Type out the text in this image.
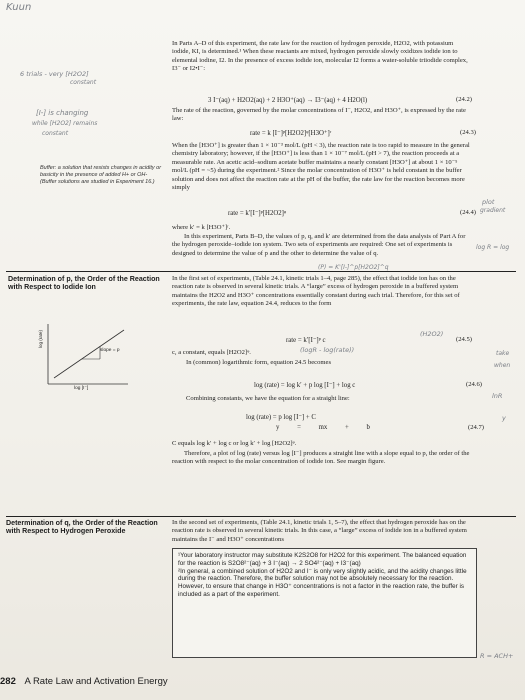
Kuun
In Parts A–D of this experiment, the rate law for the reaction of hydrogen peroxide, H2O2, with potassium iodide, KI, is determined.¹ When these reactants are mixed, hydrogen peroxide slowly oxidizes iodide ion to elemental iodine, I2. In the presence of excess iodide ion, molecular I2 forms a water-soluble triiodide complex, I3⁻ or I2•I⁻:
6 trials - very [H2O2]
constant
[I-] is changing
while [H2O2] remains
constant
3 I⁻(aq) + H2O2(aq) + 2 H3O⁺(aq) → I3⁻(aq) + 4 H2O(l)	(24.2)
The rate of the reaction, governed by the molar concentrations of I⁻, H2O2, and H3O⁺, is expressed by the rate law:
rate = k [I⁻]ᵖ[H2O2]ᵠ[H3O⁺]ʳ	(24.3)
When the [H3O⁺] is greater than 1 × 10⁻³ mol/L (pH < 3), the reaction rate is too rapid to measure in the general chemistry laboratory; however, if the [H3O⁺] is less than 1 × 10⁻⁷ mol/L (pH > 7), the reaction proceeds at a measurable rate. An acetic acid–sodium acetate buffer maintains a nearly constant [H3O⁺] at about 1 × 10⁻⁵ mol/L (pH = ~5) during the experiment.² Since the molar concentration of H3O⁺ is held constant in the buffer solution and does not affect the reaction rate at the pH of the buffer, the rate law for the reaction becomes more simply
Buffer: a solution that resists changes in acidity or basicity in the presence of added H+ or OH- (Buffer solutions are studied in Experiment 16.)
rate = k′[I⁻]ᵖ[H2O2]ᵠ	(24.4)
where k′ = k [H3O⁺]ʳ.
In this experiment, Parts B–D, the values of p, q, and k′ are determined from the data analysis of Part A for the hydrogen peroxide–iodide ion system. Two sets of experiments are required: One set of experiments is designed to determine the value of p and the other to determine the value of q.
plot
gradient
log R = log
(P) = K'[I-]^p[H2O2]^q
Determination of p, the Order of the Reaction with Respect to Iodide Ion
In the first set of experiments, (Table 24.1, kinetic trials 1–4, page 285), the effect that iodide ion has on the reaction rate is observed in several kinetic trials. A “large” excess of hydrogen peroxide in a buffered system maintains the H2O2 and H3O⁺ concentrations essentially constant during each trial. Therefore, for this set of experiments, the rate law, equation 24.4, reduces to the form
(H2O2)
rate = k′[I⁻]ᵖ c	(24.5)
(logR - log(rate))
c, a constant, equals [H2O2]ᵠ.
In (common) logarithmic form, equation 24.5 becomes
take
when
lnR
y
log (rate) = log k′ + p log [I⁻] + log c	(24.6)
Combining constants, we have the equation for a straight line:
log (rate) = p log [I⁻] + C
y = mx + b	(24.7)
C equals log k′ + log c or log k′ + log [H2O2]ᵠ.
Therefore, a plot of log (rate) versus log [I⁻] produces a straight line with a slope equal to p, the order of the reaction with respect to the molar concentration of iodide ion. See margin figure.
log (rate)
log [I⁻]
slope = p
Determination of q, the Order of the Reaction with Respect to Hydrogen Peroxide
In the second set of experiments, (Table 24.1, kinetic trials 1, 5–7), the effect that hydrogen peroxide has on the reaction rate is observed in several kinetic trials. In this case, a “large” excess of iodide ion in a buffered system maintains the I⁻ and H3O⁺ concentrations
¹Your laboratory instructor may substitute K2S2O8 for H2O2 for this experiment. The balanced equation for the reaction is S2O8²⁻(aq) + 3 I⁻(aq) → 2 SO4²⁻(aq) + I3⁻(aq)
²In general, a combined solution of H2O2 and I⁻ is only very slightly acidic, and the acidity changes little during the reaction. Therefore, the buffer solution may not be absolutely necessary for the reaction. However, to ensure that change in H3O⁺ concentrations is not a factor in the reaction rate, the buffer is included as a part of the experiment.
R = ACH+
282 A Rate Law and Activation Energy
